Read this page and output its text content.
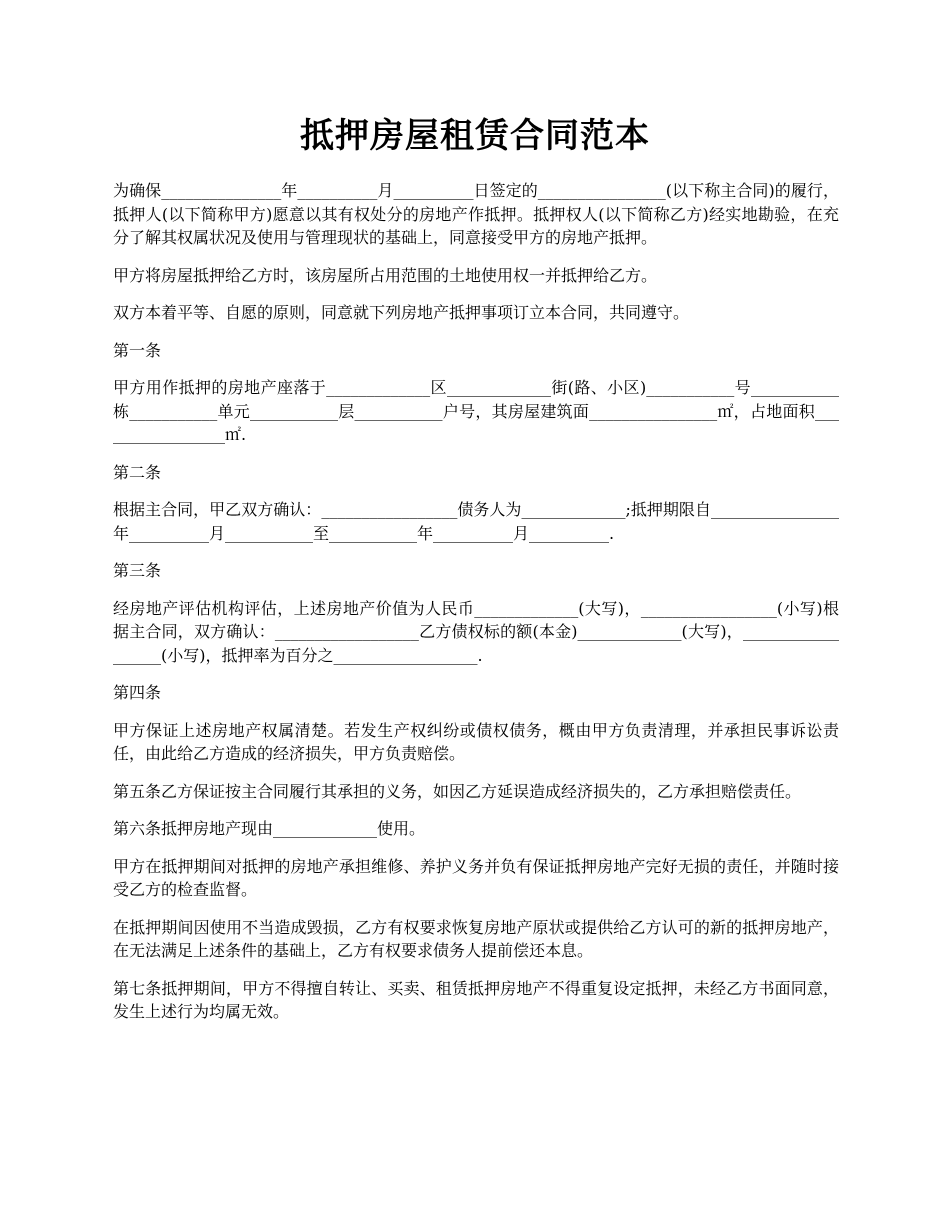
抵押房屋租赁合同范本

为确保_______________年__________月__________日签定的________________(以下称主合同)的履行，抵押人(以下简称甲方)愿意以其有权处分的房地产作抵押。抵押权人(以下简称乙方)经实地勘验，在充分了解其权属状况及使用与管理现状的基础上，同意接受甲方的房地产抵押。

甲方将房屋抵押给乙方时，该房屋所占用范围的土地使用权一并抵押给乙方。

双方本着平等、自愿的原则，同意就下列房地产抵押事项订立本合同，共同遵守。

第一条

甲方用作抵押的房地产座落于_____________区_____________街(路、小区)___________号___________栋___________单元___________层___________户号，其房屋建筑面________________㎡，占地面积_________________㎡.

第二条

根据主合同，甲乙双方确认：_________________债务人为_____________;抵押期限自________________年__________月___________至___________年__________月__________.

第三条

经房地产评估机构评估，上述房地产价值为人民币_____________(大写)，_________________(小写)根据主合同，双方确认：__________________乙方债权标的额(本金)_____________(大写)，__________________(小写)，抵押率为百分之__________________.

第四条

甲方保证上述房地产权属清楚。若发生产权纠纷或债权债务，概由甲方负责清理，并承担民事诉讼责任，由此给乙方造成的经济损失，甲方负责赔偿。

第五条乙方保证按主合同履行其承担的义务，如因乙方延误造成经济损失的，乙方承担赔偿责任。

第六条抵押房地产现由_____________使用。

甲方在抵押期间对抵押的房地产承担维修、养护义务并负有保证抵押房地产完好无损的责任，并随时接受乙方的检查监督。

在抵押期间因使用不当造成毁损，乙方有权要求恢复房地产原状或提供给乙方认可的新的抵押房地产，在无法满足上述条件的基础上，乙方有权要求债务人提前偿还本息。

第七条抵押期间，甲方不得擅自转让、买卖、租赁抵押房地产不得重复设定抵押，未经乙方书面同意，发生上述行为均属无效。
